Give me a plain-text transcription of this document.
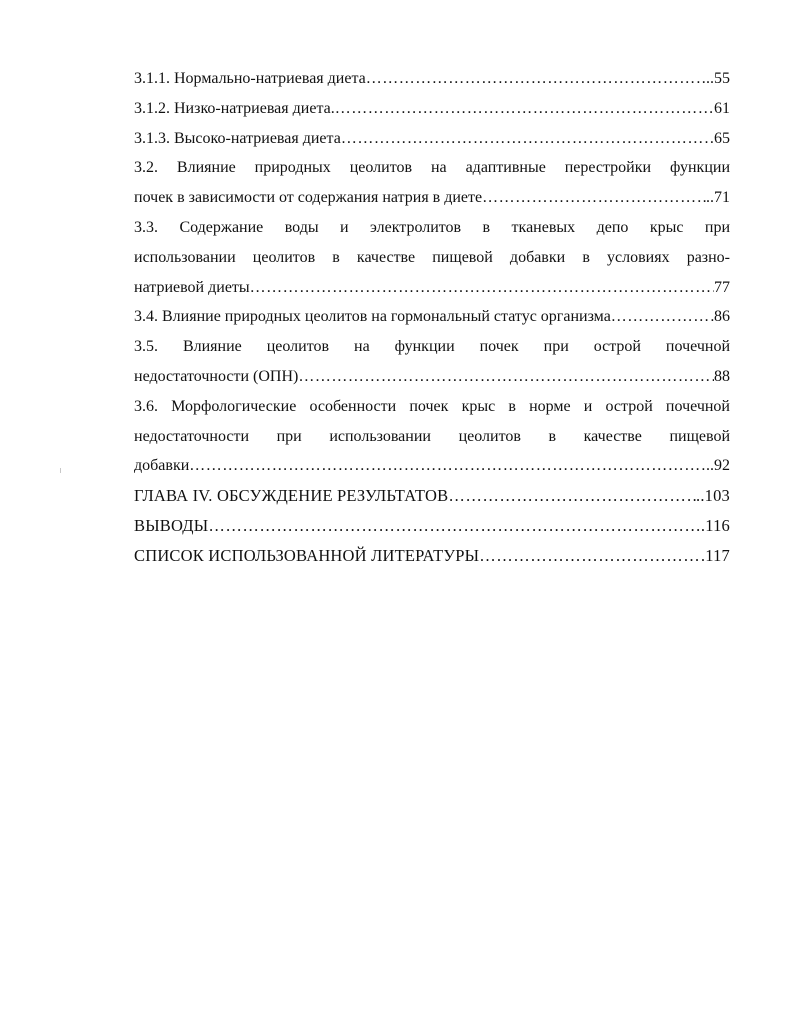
3.1.1. Нормально-натриевая диета ……………………………………………………………………………………………………………………………	..55
3.1.2. Низко-натриевая диета. ……………………………………………………………………………………………………………………………	61
3.1.3. Высоко-натриевая диета ……………………………………………………………………………………………………………………………	65
3.2. Влияние природных цеолитов на адаптивные перестройки функции
почек в зависимости от содержания натрия в диете ……………………………………………………………………………………………………………………………	..71
3.3. Содержание воды и электролитов в тканевых депо крыс при
использовании цеолитов в качестве пищевой добавки в условиях разно-
натриевой диеты ……………………………………………………………………………………………………………………………	77
3.4. Влияние природных цеолитов на гормональный статус организма ……………………………………………………………………………………………………………………………	86
3.5. Влияние цеолитов на функции почек при острой почечной
недостаточности (ОПН) ……………………………………………………………………………………………………………………………	88
3.6. Морфологические особенности почек крыс в норме и острой почечной
недостаточности при использовании цеолитов в качестве пищевой
добавки ……………………………………………………………………………………………………………………………	..92
ГЛАВА IV. ОБСУЖДЕНИЕ РЕЗУЛЬТАТОВ ……………………………………………………………………………………………………………………………	..103
ВЫВОДЫ ……………………………………………………………………………………………………………………………	.116
СПИСОК ИСПОЛЬЗОВАННОЙ ЛИТЕРАТУРЫ ……………………………………………………………………………………………………………………………	117
